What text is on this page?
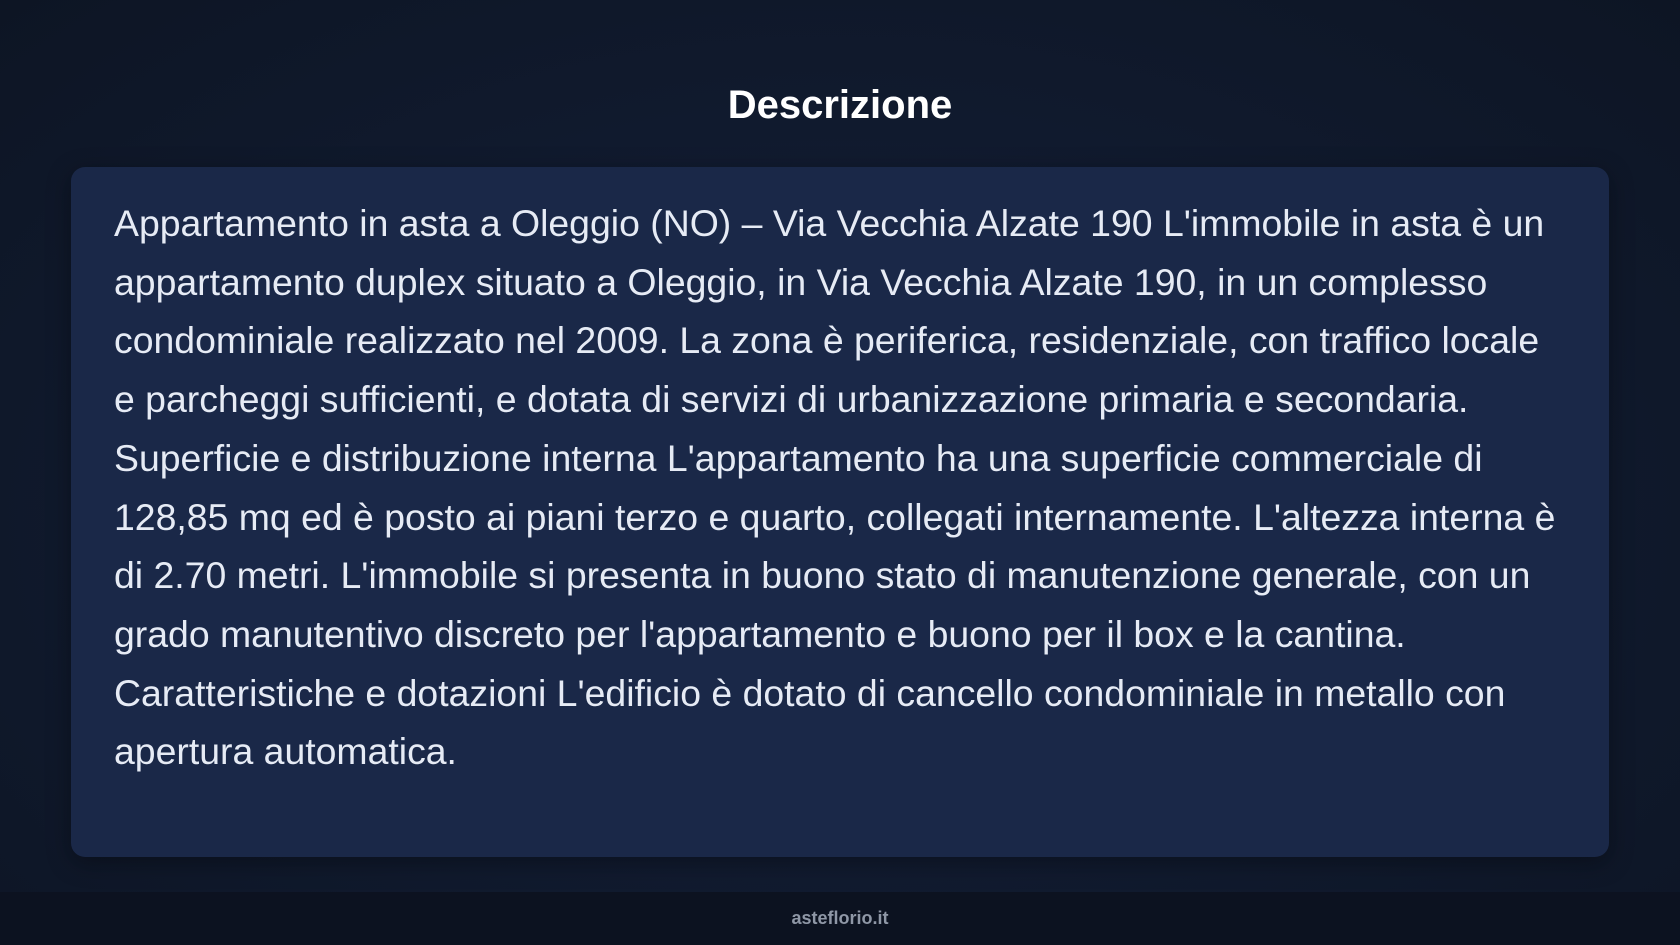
Descrizione

Appartamento in asta a Oleggio (NO) – Via Vecchia Alzate 190 L'immobile in asta è un appartamento duplex situato a Oleggio, in Via Vecchia Alzate 190, in un complesso condominiale realizzato nel 2009. La zona è periferica, residenziale, con traffico locale e parcheggi sufficienti, e dotata di servizi di urbanizzazione primaria e secondaria. Superficie e distribuzione interna L'appartamento ha una superficie commerciale di 128,85 mq ed è posto ai piani terzo e quarto, collegati internamente. L'altezza interna è di 2.70 metri. L'immobile si presenta in buono stato di manutenzione generale, con un grado manutentivo discreto per l'appartamento e buono per il box e la cantina. Caratteristiche e dotazioni L'edificio è dotato di cancello condominiale in metallo con apertura automatica.

asteflorio.it
